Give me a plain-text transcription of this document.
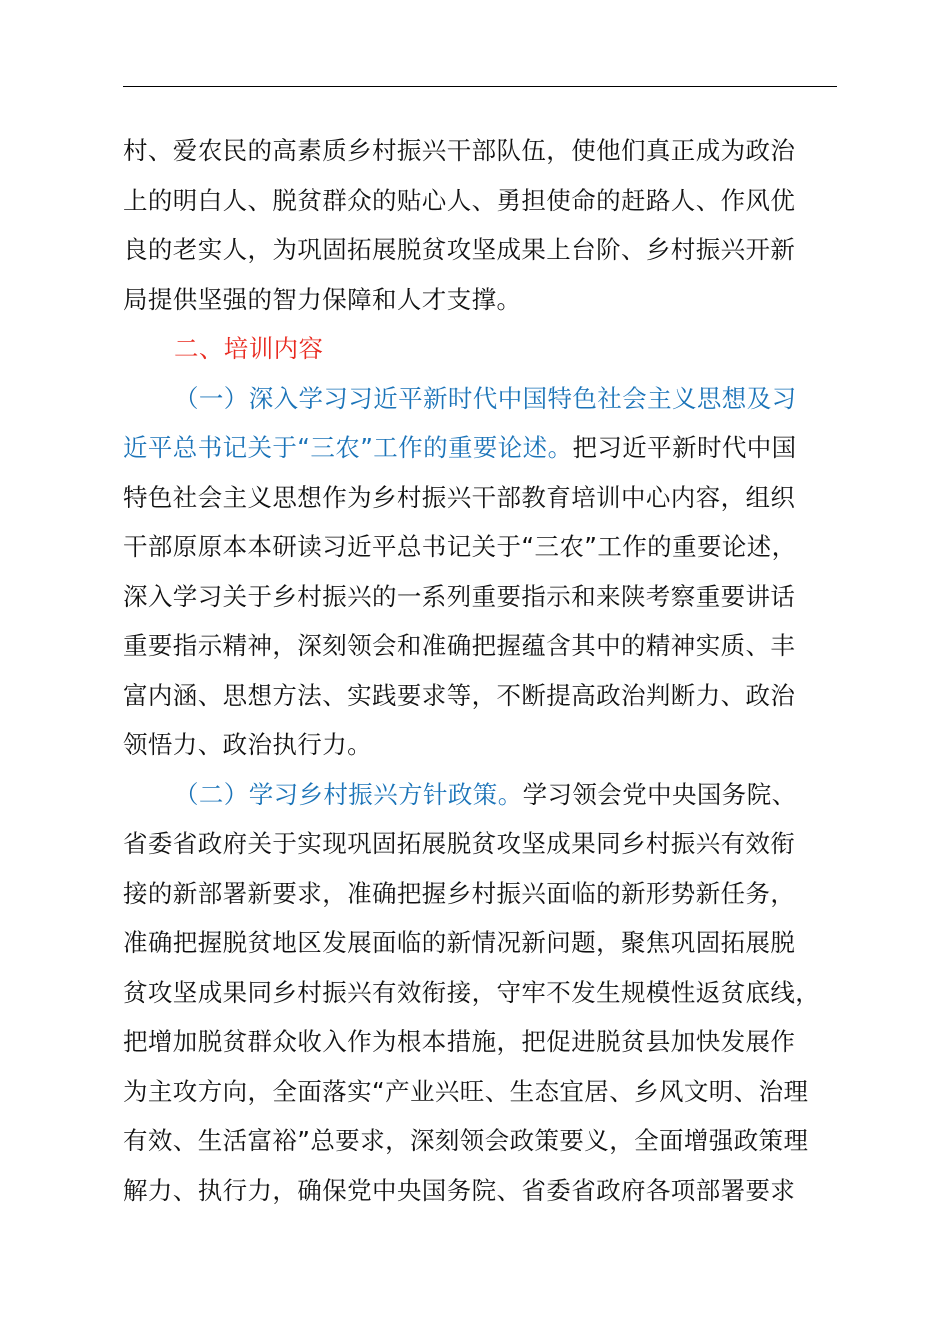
村、爱农民的高素质乡村振兴干部队伍，使他们真正成为政治
上的明白人、脱贫群众的贴心人、勇担使命的赶路人、作风优
良的老实人，为巩固拓展脱贫攻坚成果上台阶、乡村振兴开新
局提供坚强的智力保障和人才支撑。
二、培训内容
（一）深入学习习近平新时代中国特色社会主义思想及习
近平总书记关于“三农”工作的重要论述。把习近平新时代中国
特色社会主义思想作为乡村振兴干部教育培训中心内容，组织
干部原原本本研读习近平总书记关于“三农”工作的重要论述，
深入学习关于乡村振兴的一系列重要指示和来陕考察重要讲话
重要指示精神，深刻领会和准确把握蕴含其中的精神实质、丰
富内涵、思想方法、实践要求等，不断提高政治判断力、政治
领悟力、政治执行力。
（二）学习乡村振兴方针政策。学习领会党中央国务院、
省委省政府关于实现巩固拓展脱贫攻坚成果同乡村振兴有效衔
接的新部署新要求，准确把握乡村振兴面临的新形势新任务，
准确把握脱贫地区发展面临的新情况新问题，聚焦巩固拓展脱
贫攻坚成果同乡村振兴有效衔接，守牢不发生规模性返贫底线，
把增加脱贫群众收入作为根本措施，把促进脱贫县加快发展作
为主攻方向，全面落实“产业兴旺、生态宜居、乡风文明、治理
有效、生活富裕”总要求，深刻领会政策要义，全面增强政策理
解力、执行力，确保党中央国务院、省委省政府各项部署要求
